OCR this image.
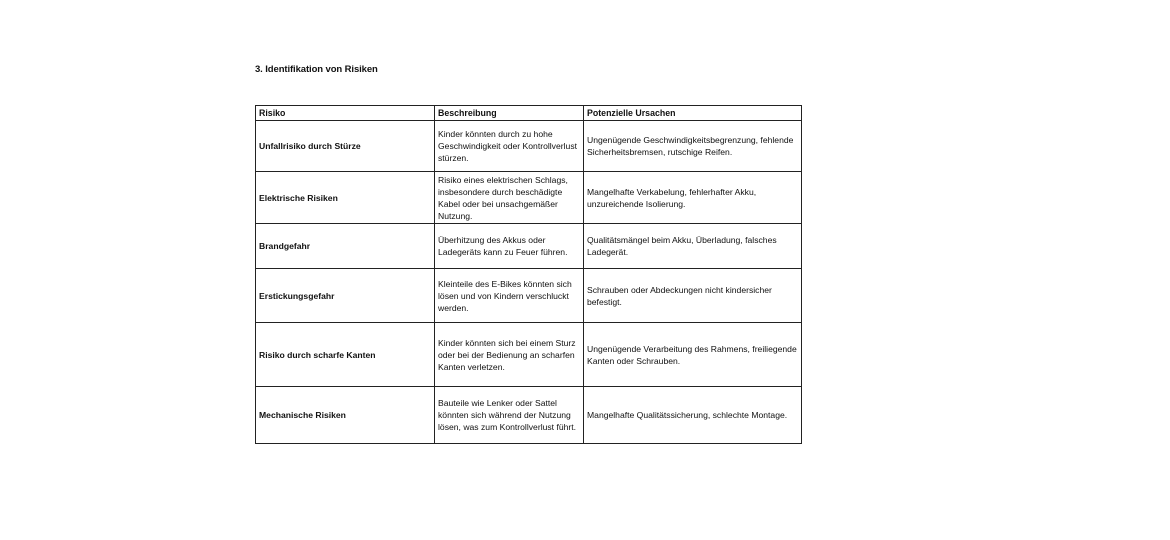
3. Identifikation von Risiken
Risiko	Beschreibung	Potenzielle Ursachen
Unfallrisiko durch Stürze	Kinder könnten durch zu hohe Geschwindigkeit oder Kontrollverlust stürzen.	Ungenügende Geschwindigkeitsbegrenzung, fehlende Sicherheitsbremsen, rutschige Reifen.
Elektrische Risiken	Risiko eines elektrischen Schlags, insbesondere durch beschädigte Kabel oder bei unsachgemäßer Nutzung.	Mangelhafte Verkabelung, fehlerhafter Akku, unzureichende Isolierung.
Brandgefahr	Überhitzung des Akkus oder Ladegeräts kann zu Feuer führen.	Qualitätsmängel beim Akku, Überladung, falsches Ladegerät.
Erstickungsgefahr	Kleinteile des E-Bikes könnten sich lösen und von Kindern verschluckt werden.	Schrauben oder Abdeckungen nicht kindersicher befestigt.
Risiko durch scharfe Kanten	Kinder könnten sich bei einem Sturz oder bei der Bedienung an scharfen Kanten verletzen.	Ungenügende Verarbeitung des Rahmens, freiliegende Kanten oder Schrauben.
Mechanische Risiken	Bauteile wie Lenker oder Sattel könnten sich während der Nutzung lösen, was zum Kontrollverlust führt.	Mangelhafte Qualitätssicherung, schlechte Montage.
